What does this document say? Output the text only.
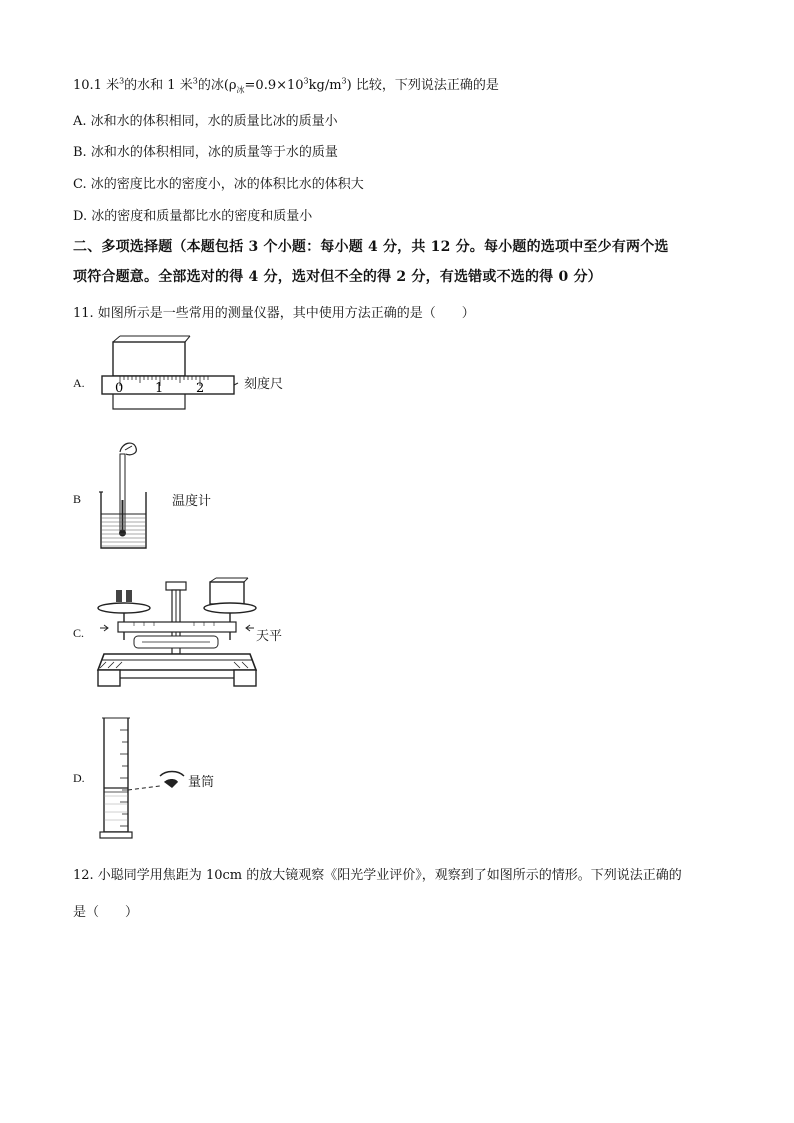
10.1 米$^3$的水和 1 米$^3$的冰$(\rho_冰=0.9\times 10^3kg/m^3)$ 比较，下列说法正确的是
A. 冰和水的体积相同，水的质量比冰的质量小
B. 冰和水的体积相同，冰的质量等于水的质量
C. 冰的密度比水的密度小，冰的体积比水的体积大
D. 冰的密度和质量都比水的密度和质量小
二、多项选择题（本题包括 3 个小题：每小题 4 分，共 12 分。每小题的选项中至少有两个选
项符合题意。全部选对的得 4 分，选对但不全的得 2 分，有选错或不选的得 0 分）
11. 如图所示是一些常用的测量仪器，其中使用方法正确的是（　　）
A. 0 1	2	刻度尺
B	温度计
C.	天平
D.	量筒
12. 小聪同学用焦距为 10cm 的放大镜观察《阳光学业评价》，观察到了如图所示的情形。下列说法正确的
是（　　）
